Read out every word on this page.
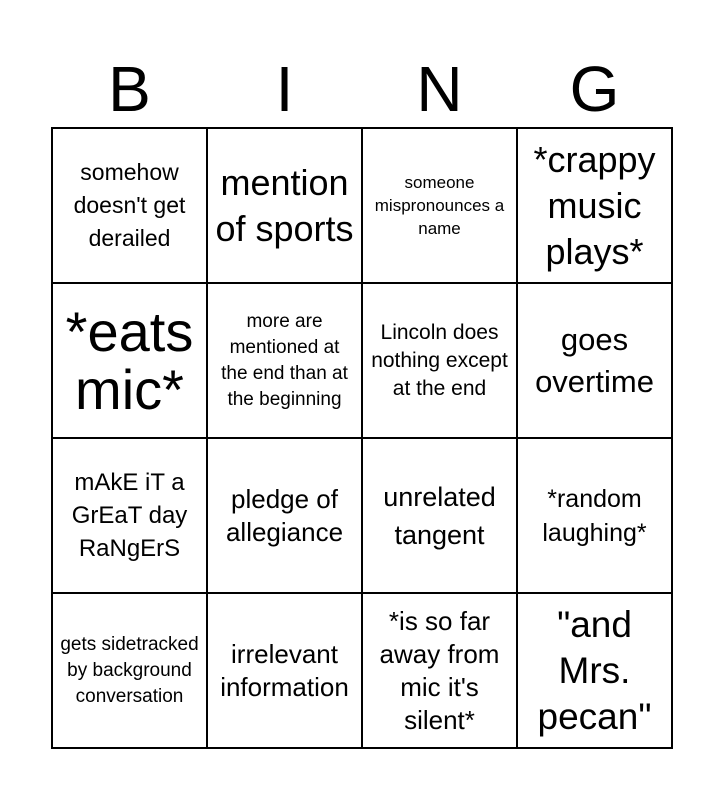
B	I	N	G
somehow doesn't get derailed
mention of sports
someone mispronounces a name
*crappy music plays*
*eats mic*
more are mentioned at the end than at the beginning
Lincoln does nothing except at the end
goes overtime
mAkE iT a GrEaT day RaNgErS
pledge of allegiance
unrelated tangent
*random laughing*
gets sidetracked by background conversation
irrelevant information
*is so far away from mic it's silent*
"and Mrs. pecan"
